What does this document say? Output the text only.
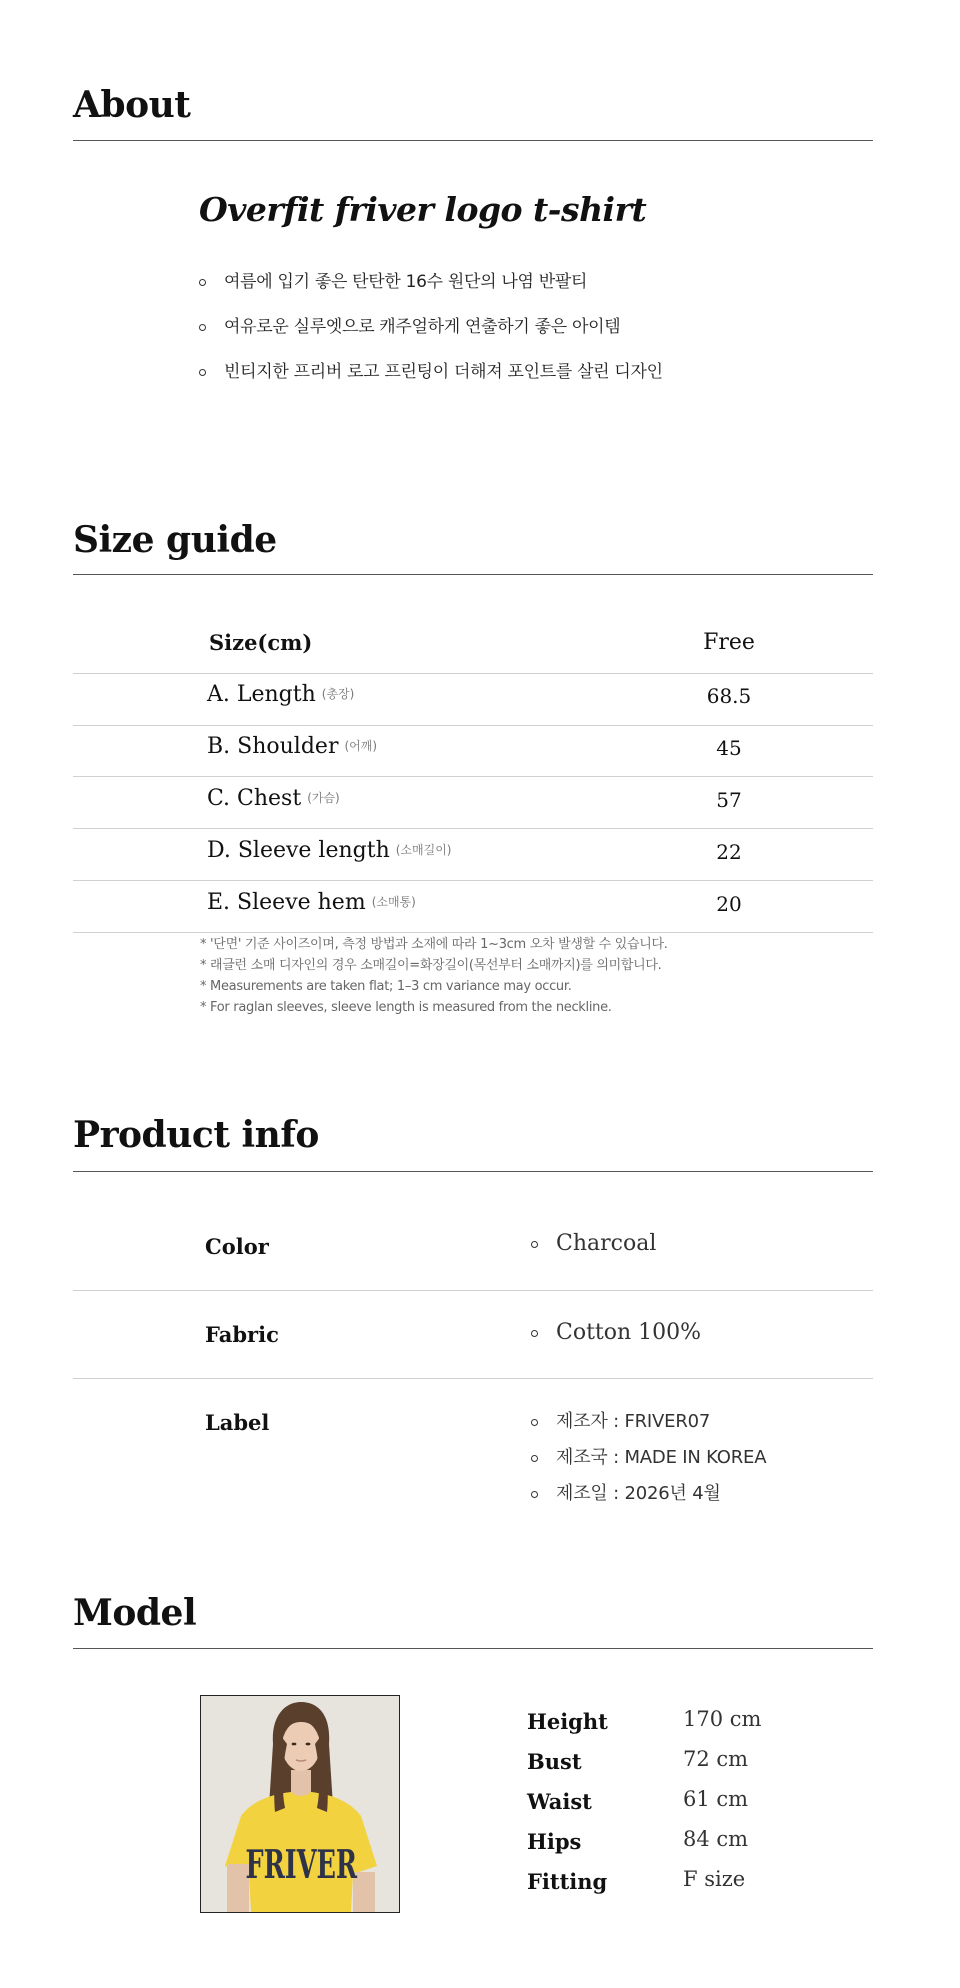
About
Overfit friver logo t-shirt
여름에 입기 좋은 탄탄한 16수 원단의 나염 반팔티
여유로운 실루엣으로 캐주얼하게 연출하기 좋은 아이템
빈티지한 프리버 로고 프린팅이 더해져 포인트를 살린 디자인
Size guide
Size(cm)	Free
A. Length (총장)	68.5
B. Shoulder (어깨)	45
C. Chest (가슴)	57
D. Sleeve length (소매길이)	22
E. Sleeve hem (소매통)	20
* '단면' 기준 사이즈이며, 측정 방법과 소재에 따라 1~3cm 오차 발생할 수 있습니다.
* 래글런 소매 디자인의 경우 소매길이=화장길이(목선부터 소매까지)를 의미합니다.
* Measurements are taken flat; 1–3 cm variance may occur.
* For raglan sleeves, sleeve length is measured from the neckline.
Product info
Color	Charcoal
Fabric	Cotton 100%
Label	제조자 : FRIVER07
제조국 : MADE IN KOREA
제조일 : 2026년 4월
Model
FRIVER
Height	170 cm
Bust	72 cm
Waist	61 cm
Hips	84 cm
Fitting	F size
